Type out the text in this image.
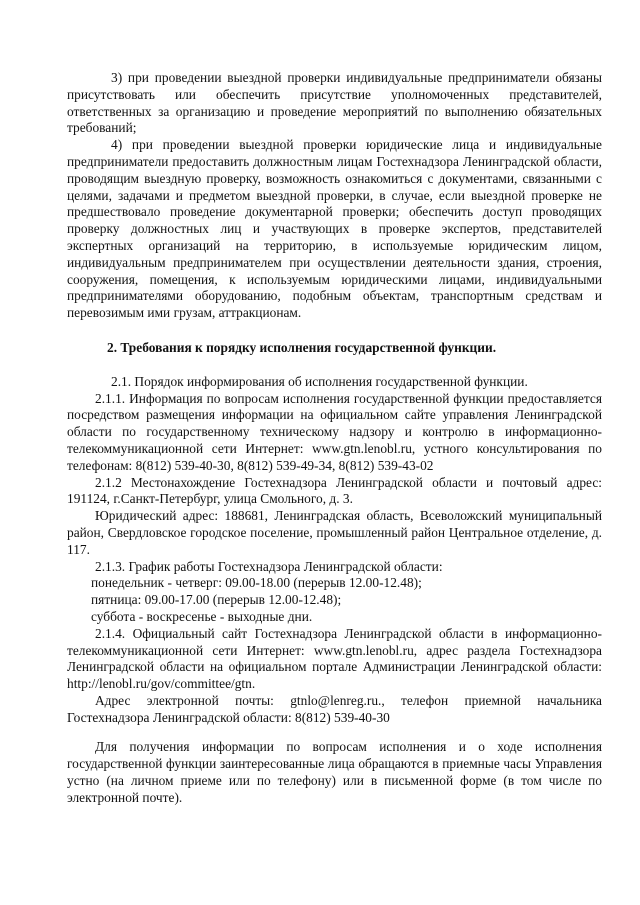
3) при проведении выездной проверки индивидуальные предприниматели обязаны присутствовать или обеспечить присутствие уполномоченных представителей, ответственных за организацию и проведение мероприятий по выполнению обязательных требований;

4) при проведении выездной проверки юридические лица и индивидуальные предприниматели предоставить должностным лицам Гостехнадзора Ленинградской области, проводящим выездную проверку, возможность ознакомиться с документами, связанными с целями, задачами и предметом выездной проверки, в случае, если выездной проверке не предшествовало проведение документарной проверки; обеспечить доступ проводящих проверку должностных лиц и участвующих в проверке экспертов, представителей экспертных организаций на территорию, в используемые юридическим лицом, индивидуальным предпринимателем при осуществлении деятельности здания, строения, сооружения, помещения, к используемым юридическими лицами, индивидуальными предпринимателями оборудованию, подобным объектам, транспортным средствам и перевозимым ими грузам, аттракционам.

2. Требования к порядку исполнения государственной функции.

2.1. Порядок информирования об исполнения государственной функции.

2.1.1. Информация по вопросам исполнения государственной функции предоставляется посредством размещения информации на официальном сайте управления Ленинградской области по государственному техническому надзору и контролю в информационно-телекоммуникационной сети Интернет: www.gtn.lenobl.ru, устного консультирования по телефонам: 8(812) 539-40-30, 8(812) 539-49-34, 8(812) 539-43-02

2.1.2 Местонахождение Гостехнадзора Ленинградской области и почтовый адрес: 191124, г.Санкт-Петербург, улица Смольного, д. 3.

Юридический адрес: 188681, Ленинградская область, Всеволожский муниципальный район, Свердловское городское поселение, промышленный район Центральное отделение, д. 117.

2.1.3. График работы Гостехнадзора Ленинградской области:

понедельник - четверг: 09.00-18.00 (перерыв 12.00-12.48);

пятница: 09.00-17.00 (перерыв 12.00-12.48);

суббота - воскресенье - выходные дни.

2.1.4. Официальный сайт Гостехнадзора Ленинградской области в информационно-телекоммуникационной сети Интернет: www.gtn.lenobl.ru, адрес раздела Гостехнадзора Ленинградской области на официальном портале Администрации Ленинградской области: http://lenobl.ru/gov/committee/gtn.

Адрес электронной почты: gtnlo@lenreg.ru., телефон приемной начальника Гостехнадзора Ленинградской области: 8(812) 539-40-30

Для получения информации по вопросам исполнения и о ходе исполнения государственной функции заинтересованные лица обращаются в приемные часы Управления устно (на личном приеме или по телефону) или в письменной форме (в том числе по электронной почте).
